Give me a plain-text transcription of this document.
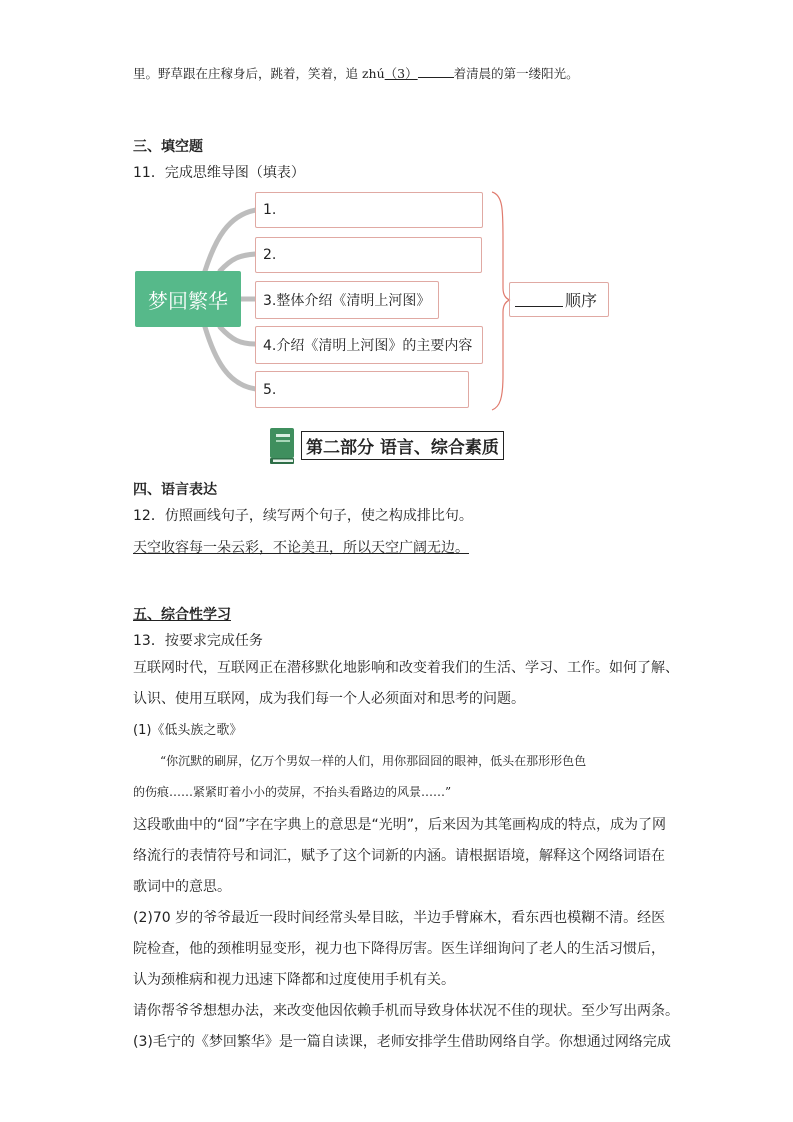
里。野草跟在庄稼身后，跳着，笑着，追 zhú（3）	着清晨的第一缕阳光。
三、填空题
11．完成思维导图（填表）
梦回繁华
1.
2.
3.整体介绍《清明上河图》
4.介绍《清明上河图》的主要内容
5.
顺序
第二部分 语言、综合素质
四、语言表达
12．仿照画线句子，续写两个句子，使之构成排比句。
天空收容每一朵云彩，不论美丑，所以天空广阔无边。
五、综合性学习
13．按要求完成任务
互联网时代，互联网正在潜移默化地影响和改变着我们的生活、学习、工作。如何了解、
认识、使用互联网，成为我们每一个人必须面对和思考的问题。
(1)《低头族之歌》
“你沉默的刷屏，亿万个男奴一样的人们，用你那囧囧的眼神，低头在那形形色色
的伤痕……紧紧盯着小小的荧屏，不抬头看路边的风景……”
这段歌曲中的“囧”字在字典上的意思是“光明”，后来因为其笔画构成的特点，成为了网
络流行的表情符号和词汇，赋予了这个词新的内涵。请根据语境，解释这个网络词语在
歌词中的意思。
(2)70 岁的爷爷最近一段时间经常头晕目眩，半边手臂麻木，看东西也模糊不清。经医
院检查，他的颈椎明显变形，视力也下降得厉害。医生详细询问了老人的生活习惯后，
认为颈椎病和视力迅速下降都和过度使用手机有关。
请你帮爷爷想想办法，来改变他因依赖手机而导致身体状况不佳的现状。至少写出两条。
(3)毛宁的《梦回繁华》是一篇自读课，老师安排学生借助网络自学。你想通过网络完成
